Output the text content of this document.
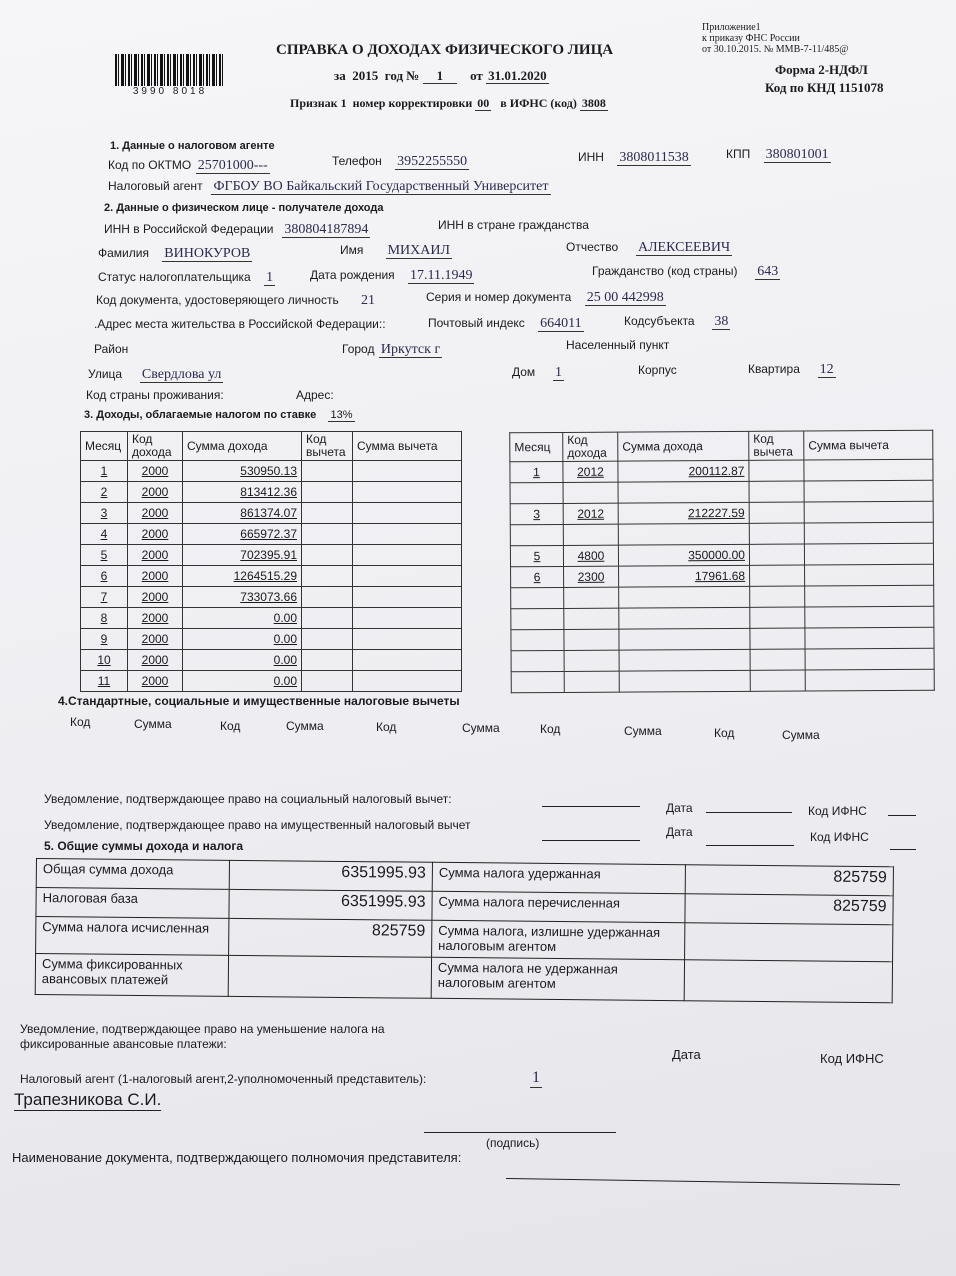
Приложение1
к приказу ФНС России
от 30.10.2015. № ММВ-7-11/485@
3990 8018
СПРАВКА О ДОХОДАХ ФИЗИЧЕСКОГО ЛИЦА
за 2015 год № 1 от 31.01.2020
Признак 1 номер корректировки 00 в ИФНС (код) 3808
Форма 2-НДФЛ
Код по КНД 1151078
1. Данные о налоговом агенте
Код по ОКТМО 25701000---	Телефон 3952255550	ИНН 3808011538	КПП 380801001
Налоговый агент ФГБОУ ВО Байкальский Государственный Университет
2. Данные о физическом лице - получателе дохода
ИНН в Российской Федерации 380804187894	ИНН в стране гражданства
Фамилия ВИНОКУРОВ	Имя МИХАИЛ	Отчество АЛЕКСЕЕВИЧ
Статус налогоплательщика 1	Дата рождения 17.11.1949	Гражданство (код страны) 643
Код документа, удостоверяющего личность 21	Серия и номер документа 25 00 442998
.Адрес места жительства в Российской Федерации::	Почтовый индекс 664011	Кодсубъекта 38
Район	Город Иркутск г	Населенный пункт
Улица Свердлова ул	Дом 1	Корпус	Квартира 12
Код страны проживания:	Адрес:
3. Доходы, облагаемые налогом по ставке 13%
Месяц	Код дохода	Сумма дохода	Код вычета	Сумма вычета
1	2000	530950.13		
2	2000	813412.36		
3	2000	861374.07		
4	2000	665972.37		
5	2000	702395.91		
6	2000	1264515.29		
7	2000	733073.66		
8	2000	0.00		
9	2000	0.00		
10	2000	0.00		
11	2000	0.00		
Месяц	Код дохода	Сумма дохода	Код вычета	Сумма вычета
1	2012	200112.87		

3	2012	212227.59		

5	4800	350000.00		
6	2300	17961.68		

4.Стандартные, социальные и имущественные налоговые вычеты
Код	Сумма	Код	Сумма	Код	Сумма	Код	Сумма	Код	Сумма
Уведомление, подтверждающее право на социальный налоговый вычет:
Дата	Код ИФНС
Уведомление, подтверждающее право на имущественный налоговый вычет	Дата	Код ИФНС
5. Общие суммы дохода и налога
Общая сумма дохода	6351995.93	Сумма налога удержанная	825759
Налоговая база	6351995.93	Сумма налога перечисленная	825759
Сумма налога исчисленная	825759	Сумма налога, излишне удержанная налоговым агентом	
Сумма фиксированных авансовых платежей		Сумма налога не удержанная налоговым агентом	
Уведомление, подтверждающее право на уменьшение налога на фиксированные авансовые платежи:
Дата	Код ИФНС
Налоговый агент (1-налоговый агент,2-уполномоченный представитель):	1
Трапезникова С.И.
(подпись)
Наименование документа, подтверждающего полномочия представителя:
